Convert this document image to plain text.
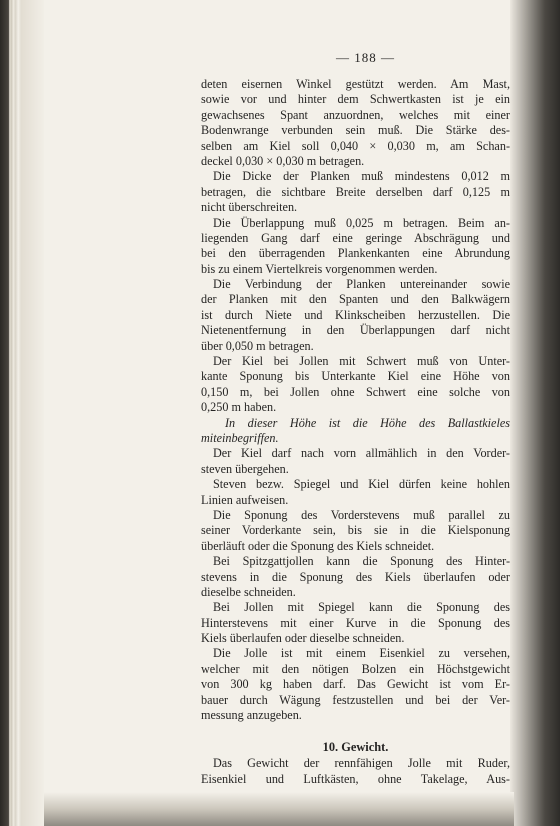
— 188 —
deten eisernen Winkel gestützt werden. Am Mast,
sowie vor und hinter dem Schwertkasten ist je ein
gewachsenes Spant anzuordnen, welches mit einer
Bodenwrange verbunden sein muß. Die Stärke des-
selben am Kiel soll 0,040 × 0,030 m, am Schan-
deckel 0,030 × 0,030 m betragen.
Die Dicke der Planken muß mindestens 0,012 m
betragen, die sichtbare Breite derselben darf 0,125 m
nicht überschreiten.
Die Überlappung muß 0,025 m betragen. Beim an-
liegenden Gang darf eine geringe Abschrägung und
bei den überragenden Plankenkanten eine Abrundung
bis zu einem Viertelkreis vorgenommen werden.
Die Verbindung der Planken untereinander sowie
der Planken mit den Spanten und den Balkwägern
ist durch Niete und Klinkscheiben herzustellen. Die
Nietenentfernung in den Überlappungen darf nicht
über 0,050 m betragen.
Der Kiel bei Jollen mit Schwert muß von Unter-
kante Sponung bis Unterkante Kiel eine Höhe von
0,150 m, bei Jollen ohne Schwert eine solche von
0,250 m haben.
In dieser Höhe ist die Höhe des Ballastkieles
miteinbegriffen.
Der Kiel darf nach vorn allmählich in den Vorder-
steven übergehen.
Steven bezw. Spiegel und Kiel dürfen keine hohlen
Linien aufweisen.
Die Sponung des Vorderstevens muß parallel zu
seiner Vorderkante sein, bis sie in die Kielsponung
überläuft oder die Sponung des Kiels schneidet.
Bei Spitzgattjollen kann die Sponung des Hinter-
stevens in die Sponung des Kiels überlaufen oder
dieselbe schneiden.
Bei Jollen mit Spiegel kann die Sponung des
Hinterstevens mit einer Kurve in die Sponung des
Kiels überlaufen oder dieselbe schneiden.
Die Jolle ist mit einem Eisenkiel zu versehen,
welcher mit den nötigen Bolzen ein Höchstgewicht
von 300 kg haben darf. Das Gewicht ist vom Er-
bauer durch Wägung festzustellen und bei der Ver-
messung anzugeben.
10. Gewicht.
Das Gewicht der rennfähigen Jolle mit Ruder,
Eisenkiel und Luftkästen, ohne Takelage, Aus-
